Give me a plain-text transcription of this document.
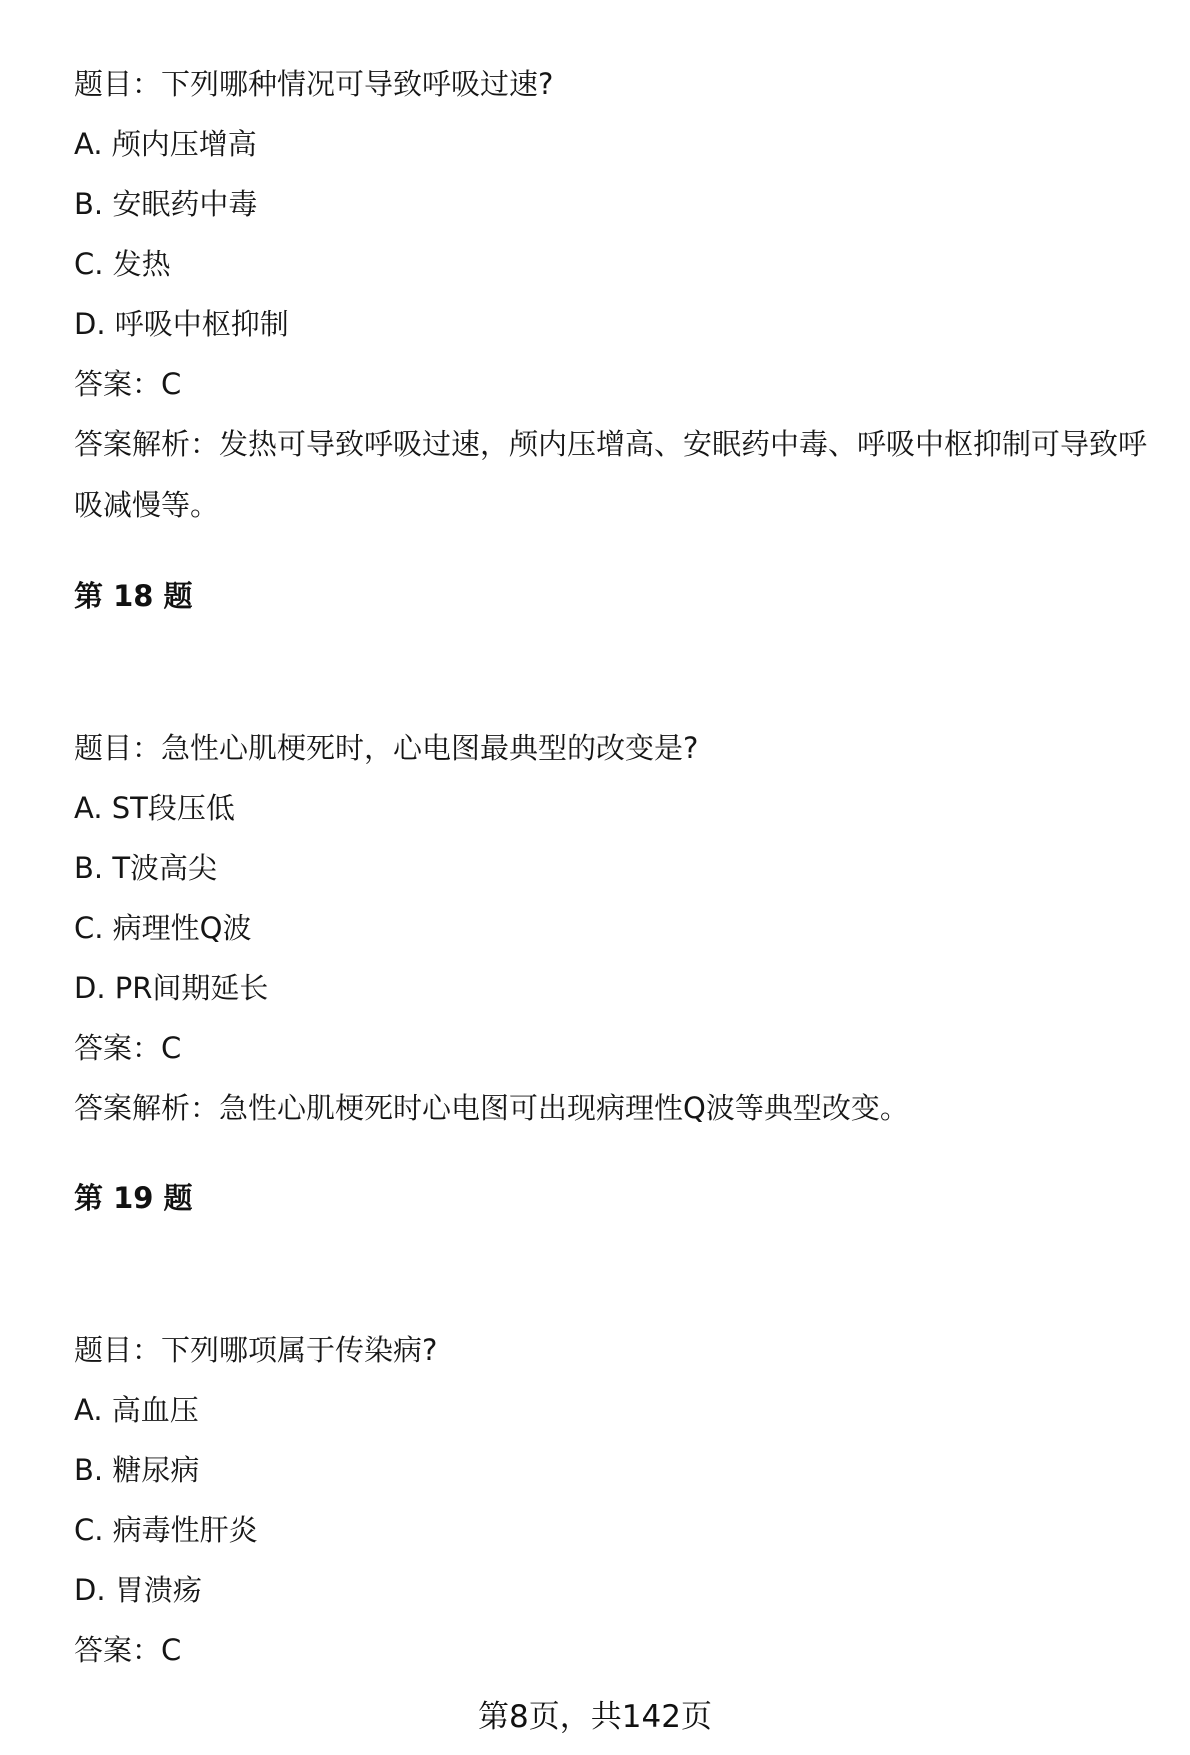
题目：下列哪种情况可导致呼吸过速?
A. 颅内压增高
B. 安眠药中毒
C. 发热
D. 呼吸中枢抑制
答案：C
答案解析：发热可导致呼吸过速，颅内压增高、安眠药中毒、呼吸中枢抑制可导致呼吸减慢等。
第 18 题
题目：急性心肌梗死时，心电图最典型的改变是?
A. ST段压低
B. T波高尖
C. 病理性Q波
D. PR间期延长
答案：C
答案解析：急性心肌梗死时心电图可出现病理性Q波等典型改变。
第 19 题
题目：下列哪项属于传染病?
A. 高血压
B. 糖尿病
C. 病毒性肝炎
D. 胃溃疡
答案：C
第8页，共142页
